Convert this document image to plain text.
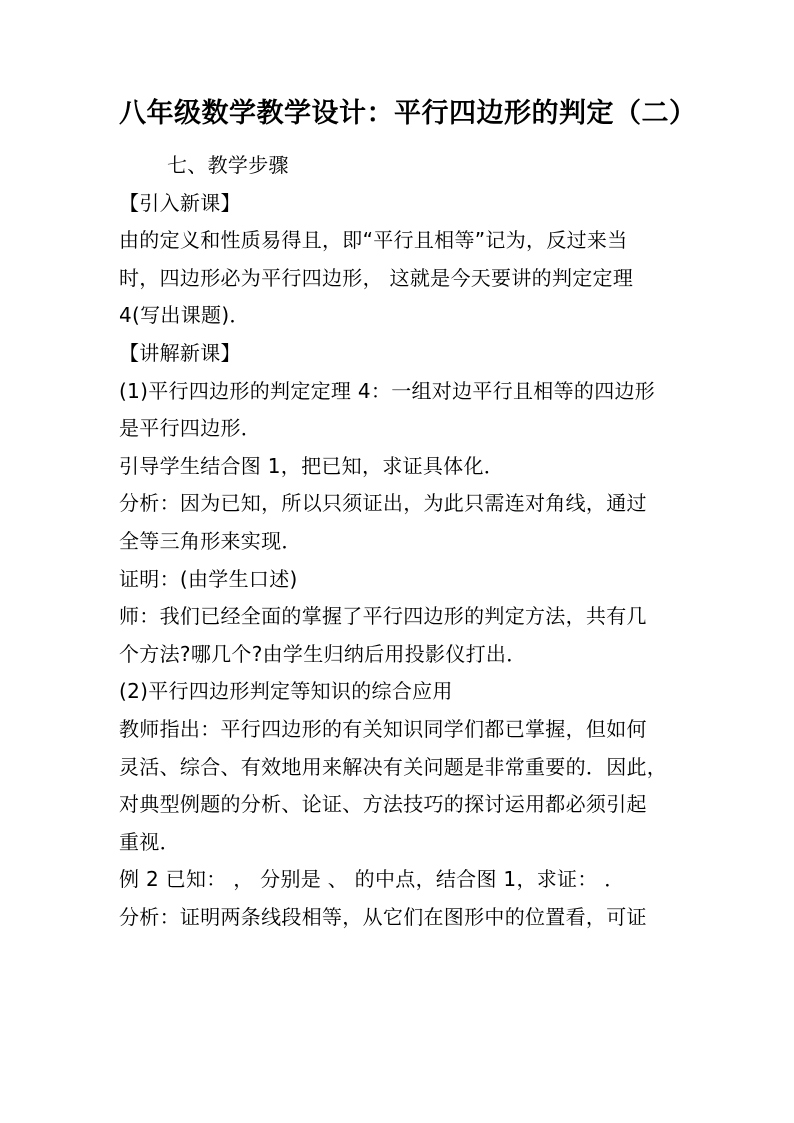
八年级数学教学设计：平行四边形的判定（二）
七、教学步骤
【引入新课】
由的定义和性质易得且，即“平行且相等”记为，反过来当
时，四边形必为平行四边形， 这就是今天要讲的判定定理
4(写出课题)．
【讲解新课】
(1)平行四边形的判定定理 4：一组对边平行且相等的四边形
是平行四边形．
引导学生结合图 1，把已知，求证具体化．
分析：因为已知，所以只须证出，为此只需连对角线，通过
全等三角形来实现．
证明：(由学生口述)
师：我们已经全面的掌握了平行四边形的判定方法，共有几
个方法?哪几个?由学生归纳后用投影仪打出．
(2)平行四边形判定等知识的综合应用
教师指出：平行四边形的有关知识同学们都已掌握，但如何
灵活、综合、有效地用来解决有关问题是非常重要的．因此，
对典型例题的分析、论证、方法技巧的探讨运用都必须引起
重视．
例 2 已知： ， 分别是 、 的中点，结合图 1，求证： ．
分析：证明两条线段相等，从它们在图形中的位置看，可证
